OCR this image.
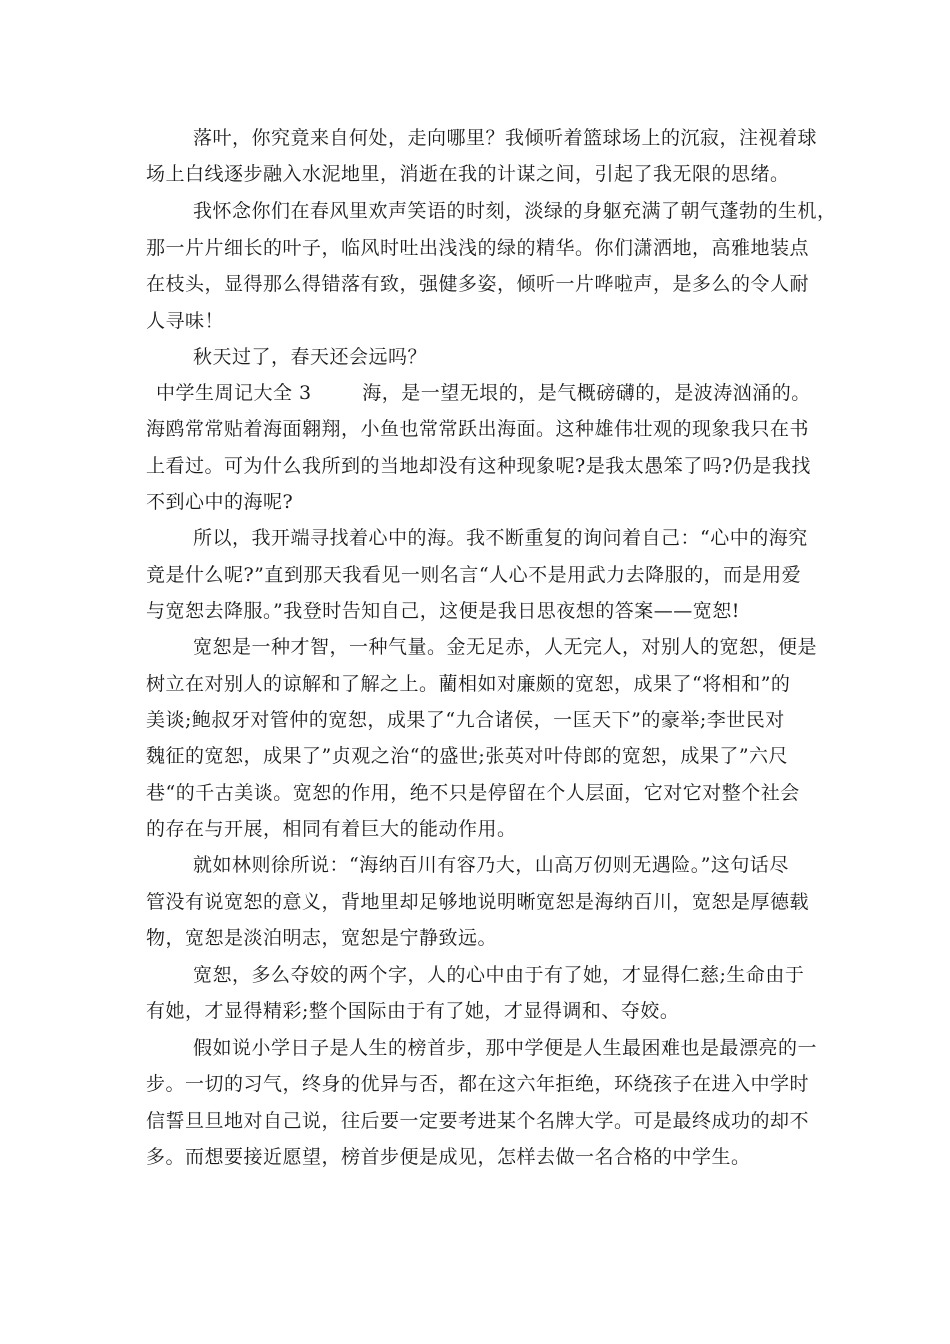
落叶，你究竟来自何处，走向哪里？我倾听着篮球场上的沉寂，注视着球
场上白线逐步融入水泥地里，消逝在我的计谋之间，引起了我无限的思绪。
我怀念你们在春风里欢声笑语的时刻，淡绿的身躯充满了朝气蓬勃的生机，
那一片片细长的叶子，临风时吐出浅浅的绿的精华。你们潇洒地，高雅地装点
在枝头，显得那么得错落有致，强健多姿，倾听一片哗啦声，是多么的令人耐
人寻味！
秋天过了，春天还会远吗？
中学生周记大全 3	海，是一望无垠的，是气概磅礴的，是波涛汹涌的。
海鸥常常贴着海面翱翔，小鱼也常常跃出海面。这种雄伟壮观的现象我只在书
上看过。可为什么我所到的当地却没有这种现象呢?是我太愚笨了吗?仍是我找
不到心中的海呢?
所以，我开端寻找着心中的海。我不断重复的询问着自己：“心中的海究
竟是什么呢?”直到那天我看见一则名言“人心不是用武力去降服的，而是用爱
与宽恕去降服。”我登时告知自己，这便是我日思夜想的答案——宽恕!
宽恕是一种才智，一种气量。金无足赤，人无完人，对别人的宽恕，便是
树立在对别人的谅解和了解之上。藺相如对廉颇的宽恕，成果了“将相和”的
美谈;鲍叔牙对管仲的宽恕，成果了“九合诸侯，一匡天下”的豪举;李世民对
魏征的宽恕，成果了”贞观之治“的盛世;张英对叶侍郎的宽恕，成果了”六尺
巷“的千古美谈。宽恕的作用，绝不只是停留在个人层面，它对它对整个社会
的存在与开展，相同有着巨大的能动作用。
就如林则徐所说：“海纳百川有容乃大，山高万仞则无遇险。”这句话尽
管没有说宽恕的意义，背地里却足够地说明晰宽恕是海纳百川，宽恕是厚德载
物，宽恕是淡泊明志，宽恕是宁静致远。
宽恕，多么夺姣的两个字，人的心中由于有了她，才显得仁慈;生命由于
有她，才显得精彩;整个国际由于有了她，才显得调和、夺姣。
假如说小学日子是人生的榜首步，那中学便是人生最困难也是最漂亮的一
步。一切的习气，终身的优异与否，都在这六年拒绝，环绕孩子在进入中学时
信誓旦旦地对自己说，往后要一定要考进某个名牌大学。可是最终成功的却不
多。而想要接近愿望，榜首步便是成见，怎样去做一名合格的中学生。
